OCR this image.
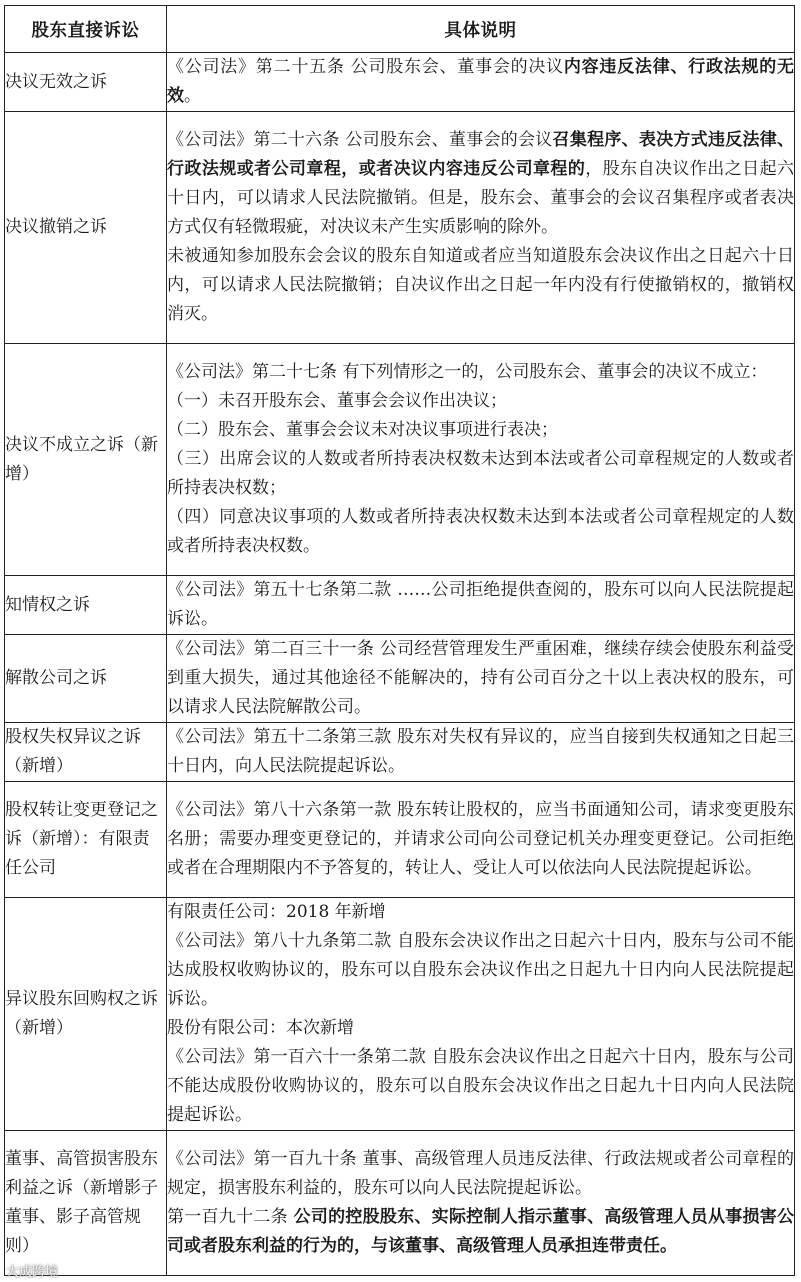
股东直接诉讼	具体说明
决议无效之诉	《公司法》第二十五条 公司股东会、董事会的决议内容违反法律、行政法规的无效。

决议撤销之诉	《公司法》第二十六条 公司股东会、董事会的会议召集程序、表决方式违反法律、行政法规或者公司章程，或者决议内容违反公司章程的，股东自决议作出之日起六十日内，可以请求人民法院撤销。但是，股东会、董事会的会议召集程序或者表决方式仅有轻微瑕疵，对决议未产生实质影响的除外。

未被通知参加股东会会议的股东自知道或者应当知道股东会决议作出之日起六十日内，可以请求人民法院撤销；自决议作出之日起一年内没有行使撤销权的，撤销权消灭。

决议不成立之诉（新增）	《公司法》第二十七条 有下列情形之一的，公司股东会、董事会的决议不成立：

（一）未召开股东会、董事会会议作出决议；

（二）股东会、董事会会议未对决议事项进行表决；

（三）出席会议的人数或者所持表决权数未达到本法或者公司章程规定的人数或者所持表决权数；

（四）同意决议事项的人数或者所持表决权数未达到本法或者公司章程规定的人数或者所持表决权数。

知情权之诉	《公司法》第五十七条第二款 ……公司拒绝提供查阅的，股东可以向人民法院提起诉讼。

解散公司之诉	《公司法》第二百三十一条 公司经营管理发生严重困难，继续存续会使股东利益受到重大损失，通过其他途径不能解决的，持有公司百分之十以上表决权的股东，可以请求人民法院解散公司。

股权失权异议之诉（新增）	《公司法》第五十二条第三款 股东对失权有异议的，应当自接到失权通知之日起三十日内，向人民法院提起诉讼。

股权转让变更登记之诉（新增）：有限责任公司	《公司法》第八十六条第一款 股东转让股权的，应当书面通知公司，请求变更股东名册；需要办理变更登记的，并请求公司向公司登记机关办理变更登记。公司拒绝或者在合理期限内不予答复的，转让人、受让人可以依法向人民法院提起诉讼。

异议股东回购权之诉（新增）	有限责任公司：2018 年新增

《公司法》第八十九条第二款 自股东会决议作出之日起六十日内，股东与公司不能达成股权收购协议的，股东可以自股东会决议作出之日起九十日内向人民法院提起诉讼。

股份有限公司：本次新增

《公司法》第一百六十一条第二款 自股东会决议作出之日起六十日内，股东与公司不能达成股份收购协议的，股东可以自股东会决议作出之日起九十日内向人民法院提起诉讼。

董事、高管损害股东利益之诉（新增影子董事、影子高管规则）	《公司法》第一百九十条 董事、高级管理人员违反法律、行政法规或者公司章程的规定，损害股东利益的，股东可以向人民法院提起诉讼。

第一百九十二条 公司的控股股东、实际控制人指示董事、高级管理人员从事损害公司或者股东利益的行为的，与该董事、高级管理人员承担连带责任。

大成跨境
